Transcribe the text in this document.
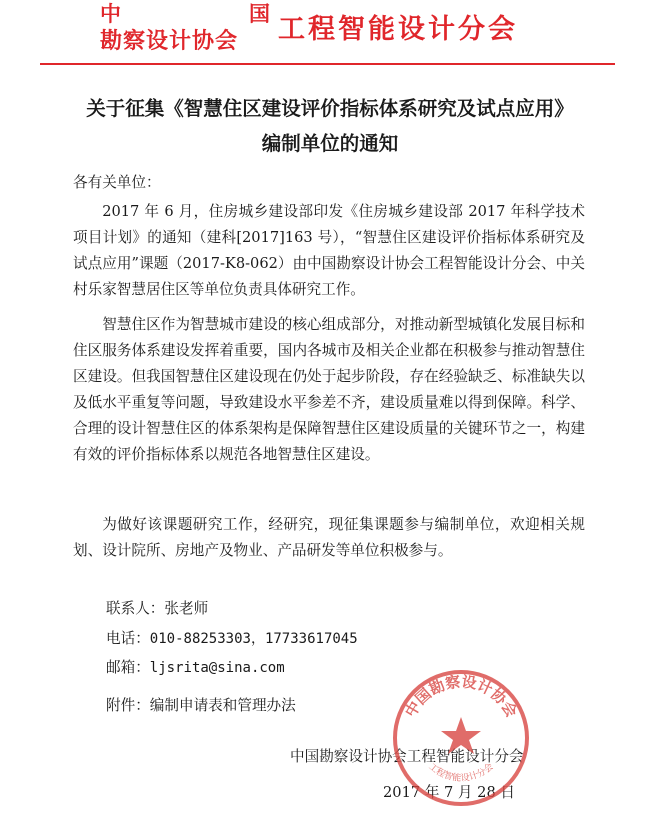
中	国
勘察设计协会 工程智能设计分会
关于征集《智慧住区建设评价指标体系研究及试点应用》
编制单位的通知
各有关单位：

2017 年 6 月，住房城乡建设部印发《住房城乡建设部 2017 年科学技术项目计划》的通知（建科[2017]163 号），“智慧住区建设评价指标体系研究及试点应用”课题（2017-K8-062）由中国勘察设计协会工程智能设计分会、中关村乐家智慧居住区等单位负责具体研究工作。

智慧住区作为智慧城市建设的核心组成部分，对推动新型城镇化发展目标和住区服务体系建设发挥着重要，国内各城市及相关企业都在积极参与推动智慧住区建设。但我国智慧住区建设现在仍处于起步阶段，存在经验缺乏、标准缺失以及低水平重复等问题，导致建设水平参差不齐，建设质量难以得到保障。科学、合理的设计智慧住区的体系架构是保障智慧住区建设质量的关键环节之一，构建有效的评价指标体系以规范各地智慧住区建设。

为做好该课题研究工作，经研究，现征集课题参与编制单位，欢迎相关规划、设计院所、房地产及物业、产品研发等单位积极参与。

联系人：张老师
电话：010-88253303，17733617045
邮箱：ljsrita@sina.com
附件：编制申请表和管理办法
中国勘察设计协会工程智能设计分会
2017 年 7 月 28 日
中国勘察设计协会
工程智能设计分会
